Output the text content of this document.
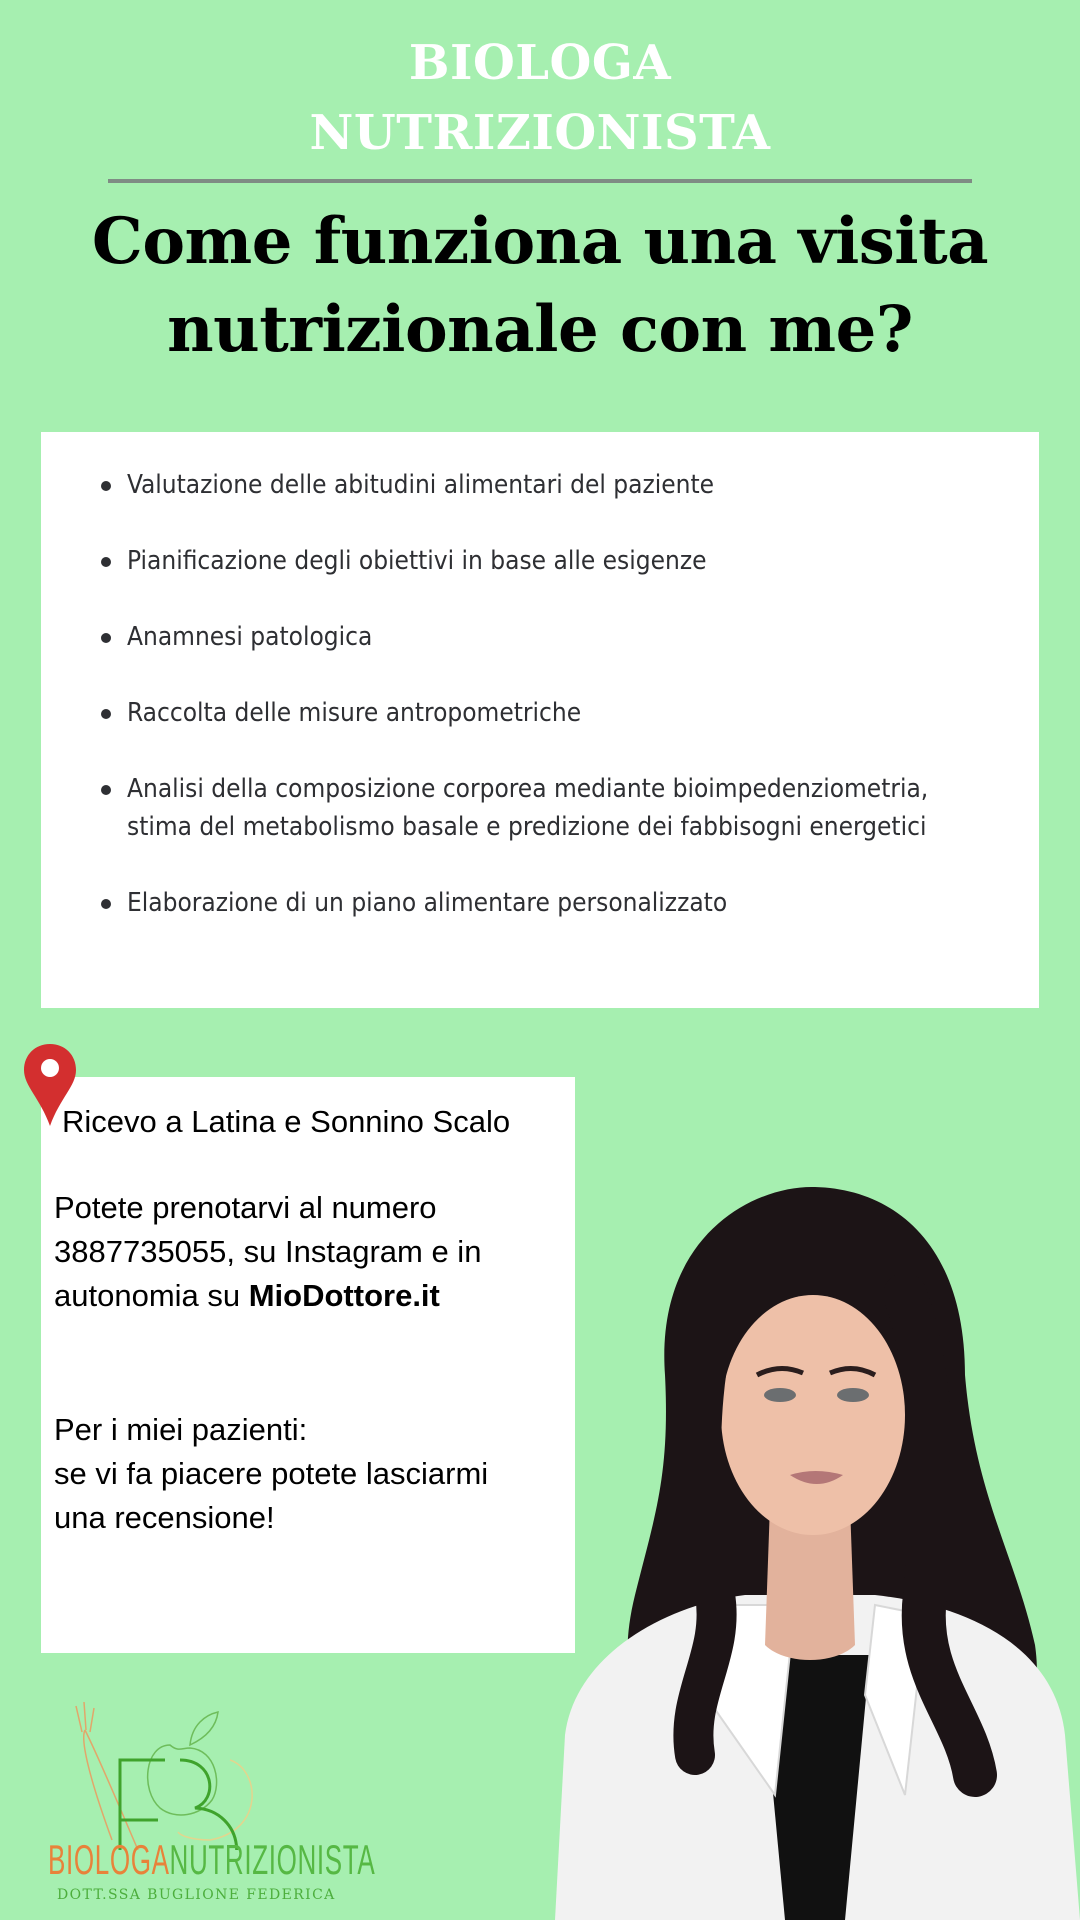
BIOLOGA
NUTRIZIONISTA
Come funziona una visita
nutrizionale con me?
Valutazione delle abitudini alimentari del paziente
Pianificazione degli obiettivi in base alle esigenze
Anamnesi patologica
Raccolta delle misure antropometriche
Analisi della composizione corporea mediante bioimpedenziometria, stima del metabolismo basale e predizione dei fabbisogni energetici
Elaborazione di un piano alimentare personalizzato
Ricevo a Latina e Sonnino Scalo
Potete prenotarvi al numero
3887735055, su Instagram e in
autonomia su MioDottore.it
Per i miei pazienti:
se vi fa piacere potete lasciarmi
una recensione!
BIOLOGANUTRIZIONISTA
DOTT.SSA BUGLIONE FEDERICA
